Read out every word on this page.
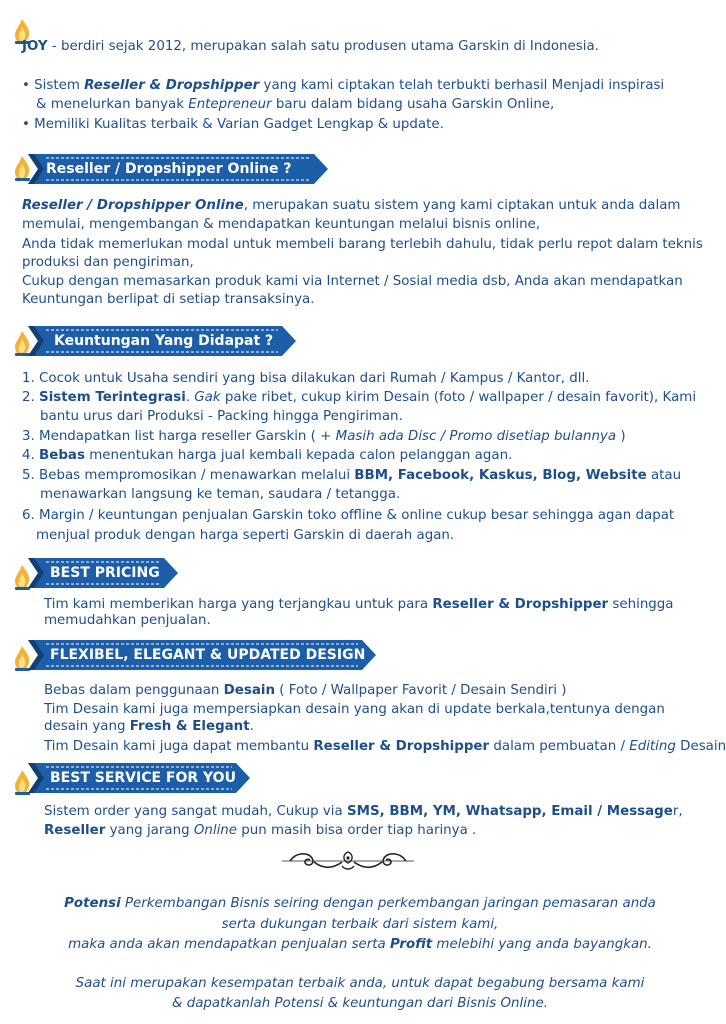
JOY - berdiri sejak 2012, merupakan salah satu produsen utama Garskin di Indonesia.
• Sistem Reseller & Dropshipper yang kami ciptakan telah terbukti berhasil Menjadi inspirasi
& menelurkan banyak Entepreneur baru dalam bidang usaha Garskin Online,
• Memiliki Kualitas terbaik & Varian Gadget Lengkap & update.
Reseller / Dropshipper Online ?
Reseller / Dropshipper Online, merupakan suatu sistem yang kami ciptakan untuk anda dalam
memulai, mengembangan & mendapatkan keuntungan melalui bisnis online,
Anda tidak memerlukan modal untuk membeli barang terlebih dahulu, tidak perlu repot dalam teknis
produksi dan pengiriman,
Cukup dengan memasarkan produk kami via Internet / Sosial media dsb, Anda akan mendapatkan
Keuntungan berlipat di setiap transaksinya.
Keuntungan Yang Didapat ?
1. Cocok untuk Usaha sendiri yang bisa dilakukan dari Rumah / Kampus / Kantor, dll.
2. Sistem Terintegrasi. Gak pake ribet, cukup kirim Desain (foto / wallpaper / desain favorit), Kami
bantu urus dari Produksi - Packing hingga Pengiriman.
3. Mendapatkan list harga reseller Garskin ( + Masih ada Disc / Promo disetiap bulannya )
4. Bebas menentukan harga jual kembali kepada calon pelanggan agan.
5. Bebas mempromosikan / menawarkan melalui BBM, Facebook, Kaskus, Blog, Website atau
menawarkan langsung ke teman, saudara / tetangga.
6. Margin / keuntungan penjualan Garskin toko offline & online cukup besar sehingga agan dapat
menjual produk dengan harga seperti Garskin di daerah agan.
BEST PRICING
Tim kami memberikan harga yang terjangkau untuk para Reseller & Dropshipper sehingga
memudahkan penjualan.
FLEXIBEL, ELEGANT & UPDATED DESIGN
Bebas dalam penggunaan Desain ( Foto / Wallpaper Favorit / Desain Sendiri )
Tim Desain kami juga mempersiapkan desain yang akan di update berkala,tentunya dengan
desain yang Fresh & Elegant.
Tim Desain kami juga dapat membantu Reseller & Dropshipper dalam pembuatan / Editing Desain
BEST SERVICE FOR YOU
Sistem order yang sangat mudah, Cukup via SMS, BBM, YM, Whatsapp, Email / Messager,
Reseller yang jarang Online pun masih bisa order tiap harinya .
Potensi Perkembangan Bisnis seiring dengan perkembangan jaringan pemasaran anda
serta dukungan terbaik dari sistem kami,
maka anda akan mendapatkan penjualan serta Profit melebihi yang anda bayangkan.
Saat ini merupakan kesempatan terbaik anda, untuk dapat begabung bersama kami
& dapatkanlah Potensi & keuntungan dari Bisnis Online.
